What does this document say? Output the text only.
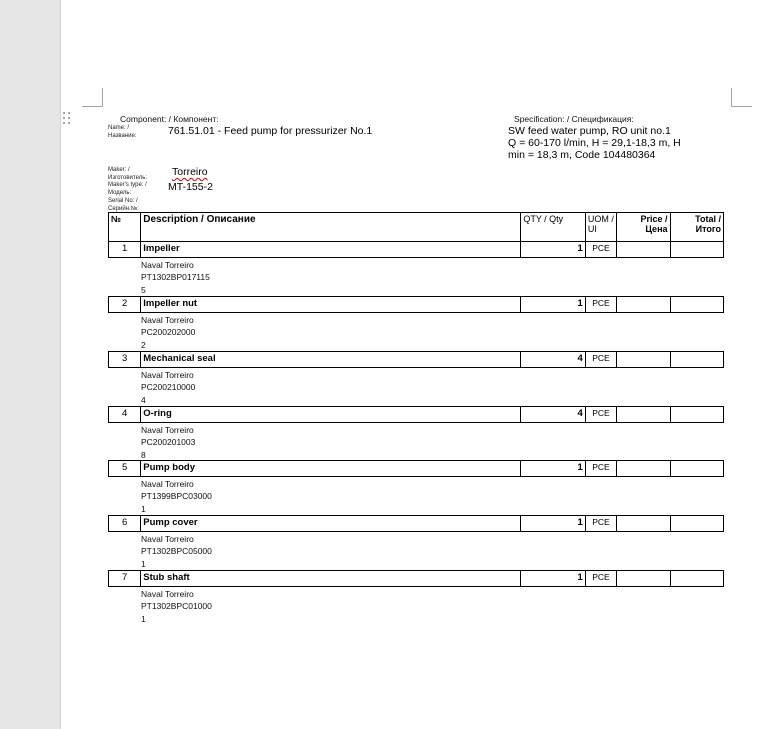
Component: / Компонент:
Name: / Название:	761.51.01 - Feed pump for pressurizer No.1
Specification: / Спецификация:
SW feed water pump, RO unit no.1
Q = 60-170 l/min, H = 29,1-18,3 m, H
min = 18,3 m, Code 104480364
Maker: / Изготовитель:	Torreiro
Maker's type: / Модель:	MT-155-2
Serial No: / Серийн.№:
№	Description / Описание	QTY / Qty	UOM / UI	Price / Цена	Total / Итого
1	Impeller	1	PCE		
Naval Torreiro
PT1302BP017115
5
2	Impeller nut	1	PCE		
Naval Torreiro
PC200202000
2
3	Mechanical seal	4	PCE		
Naval Torreiro
PC200210000
4
4	O-ring	4	PCE		
Naval Torreiro
PC200201003
8
5	Pump body	1	PCE		
Naval Torreiro
PT1399BPC03000
1
6	Pump cover	1	PCE		
Naval Torreiro
PT1302BPC05000
1
7	Stub shaft	1	PCE		
Naval Torreiro
PT1302BPC01000
1
